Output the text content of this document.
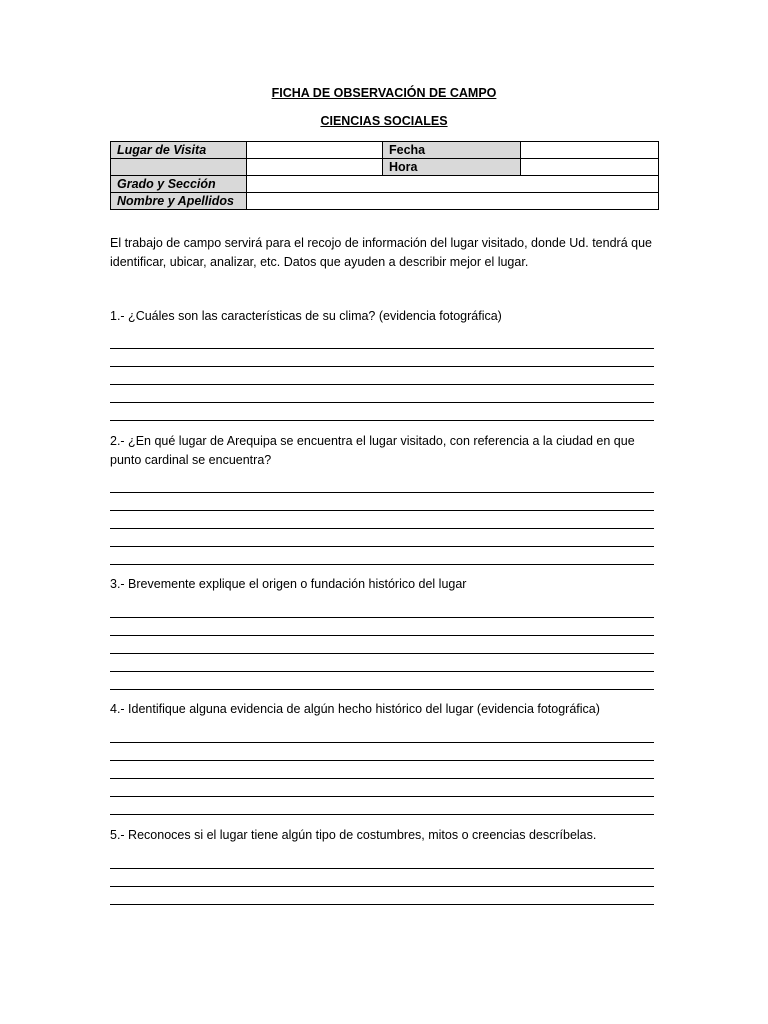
FICHA DE OBSERVACIÓN DE CAMPO
CIENCIAS SOCIALES
Lugar de Visita		Fecha	
		Hora	
Grado y Sección			
Nombre y Apellidos			
El trabajo de campo servirá para el recojo de información del lugar visitado, donde Ud. tendrá que identificar, ubicar, analizar, etc. Datos que ayuden a describir mejor el lugar.
1.- ¿Cuáles son las características de su clima? (evidencia fotográfica)
2.- ¿En qué lugar de Arequipa se encuentra el lugar visitado, con referencia a la ciudad en que punto cardinal se encuentra?
3.- Brevemente explique el origen o fundación histórico del lugar
4.- Identifique alguna evidencia de algún hecho histórico del lugar (evidencia fotográfica)
5.- Reconoces si el lugar tiene algún tipo de costumbres, mitos o creencias descríbelas.
